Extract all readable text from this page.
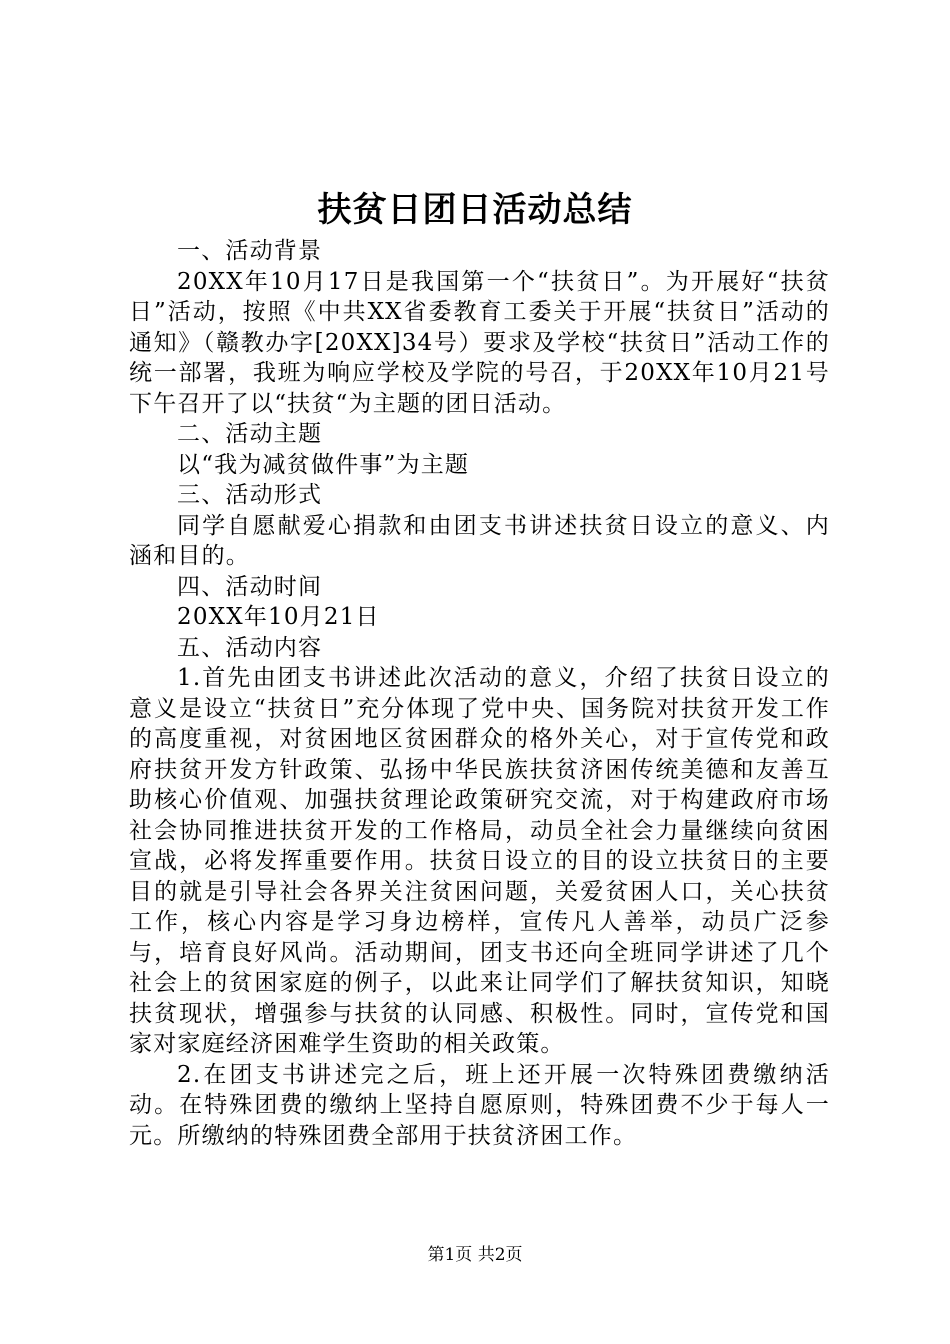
扶贫日团日活动总结

一、活动背景

20XX年10月17日是我国第一个“扶贫日”。为开展好“扶贫日”活动，按照《中共XX省委教育工委关于开展“扶贫日”活动的通知》（赣教办字[20XX]34号）要求及学校“扶贫日”活动工作的统一部署，我班为响应学校及学院的号召，于20XX年10月21号下午召开了以“扶贫“为主题的团日活动。

二、活动主题

以“我为减贫做件事”为主题

三、活动形式

同学自愿献爱心捐款和由团支书讲述扶贫日设立的意义、内涵和目的。

四、活动时间

20XX年10月21日

五、活动内容

1.首先由团支书讲述此次活动的意义，介绍了扶贫日设立的意义是设立“扶贫日”充分体现了党中央、国务院对扶贫开发工作的高度重视，对贫困地区贫困群众的格外关心，对于宣传党和政府扶贫开发方针政策、弘扬中华民族扶贫济困传统美德和友善互助核心价值观、加强扶贫理论政策研究交流，对于构建政府市场社会协同推进扶贫开发的工作格局，动员全社会力量继续向贫困宣战，必将发挥重要作用。扶贫日设立的目的设立扶贫日的主要目的就是引导社会各界关注贫困问题，关爱贫困人口，关心扶贫工作，核心内容是学习身边榜样，宣传凡人善举，动员广泛参与，培育良好风尚。活动期间，团支书还向全班同学讲述了几个社会上的贫困家庭的例子，以此来让同学们了解扶贫知识，知晓扶贫现状，增强参与扶贫的认同感、积极性。同时，宣传党和国家对家庭经济困难学生资助的相关政策。

2.在团支书讲述完之后，班上还开展一次特殊团费缴纳活动。在特殊团费的缴纳上坚持自愿原则，特殊团费不少于每人一元。所缴纳的特殊团费全部用于扶贫济困工作。

第1页 共2页
